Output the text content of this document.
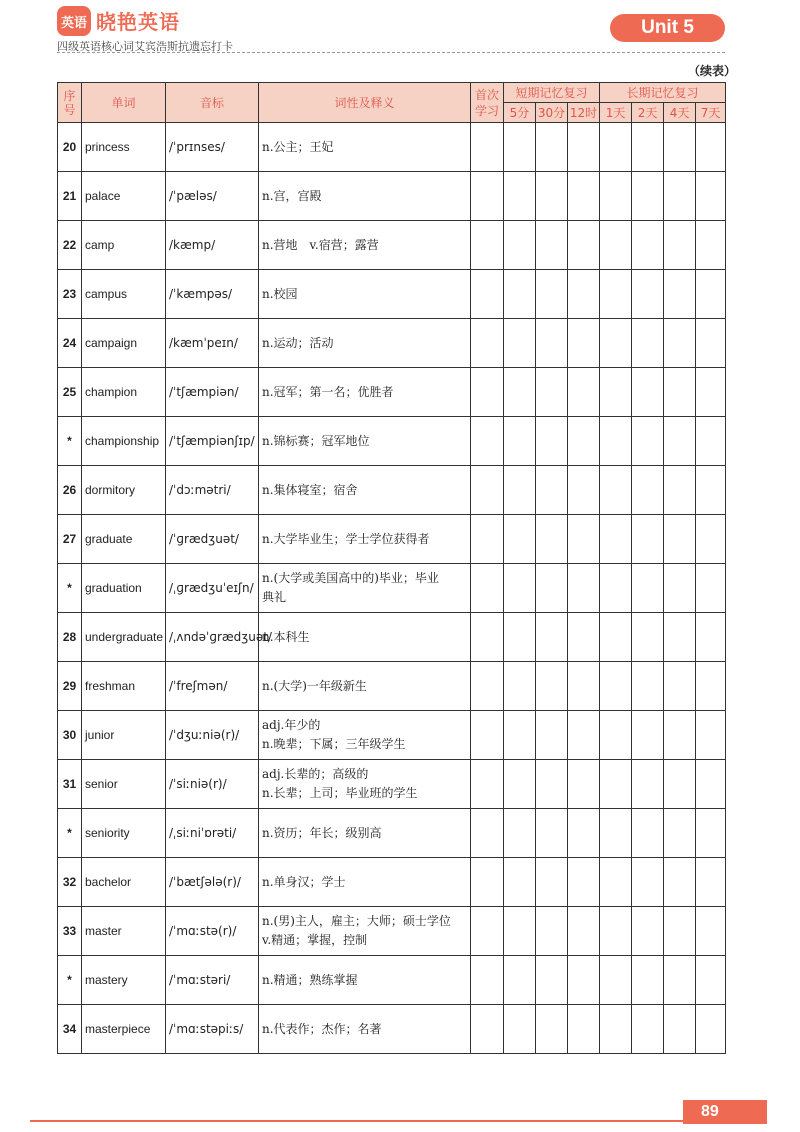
英语 晓艳英语
四级英语核心词艾宾浩斯抗遗忘打卡
Unit 5
（续表）
序号	单词	音标	词性及释义	首次学习	短期记忆复习			长期记忆复习			
					5分	30分	12时	1天	2天	4天	7天
20	princess	/ˈprɪnses/	n.公主；王妃								

21	palace	/ˈpæləs/	n.宫，宫殿								

22	camp	/kæmp/	n.营地　v.宿营；露营								

23	campus	/ˈkæmpəs/	n.校园								

24	campaign	/kæmˈpeɪn/	n.运动；活动								

25	champion	/ˈtʃæmpiən/	n.冠军；第一名；优胜者								

*	championship	/ˈtʃæmpiənʃɪp/	n.锦标赛；冠军地位								

26	dormitory	/ˈdɔːmətri/	n.集体寝室；宿舍								

27	graduate	/ˈɡrædʒuət/	n.大学毕业生；学士学位获得者								

*	graduation	/ˌɡrædʒuˈeɪʃn/	n.(大学或美国高中的)毕业；毕业
典礼								

28	undergraduate	/ˌʌndəˈɡrædʒuət/	n.本科生								

29	freshman	/ˈfreʃmən/	n.(大学)一年级新生								

30	junior	/ˈdʒuːniə(r)/	adj.年少的
n.晚辈；下属；三年级学生								

31	senior	/ˈsiːniə(r)/	adj.长辈的；高级的
n.长辈；上司；毕业班的学生								

*	seniority	/ˌsiːniˈɒrəti/	n.资历；年长；级别高								

32	bachelor	/ˈbætʃələ(r)/	n.单身汉；学士								

33	master	/ˈmɑːstə(r)/	n.(男)主人，雇主；大师；硕士学位
v.精通；掌握，控制								

*	mastery	/ˈmɑːstəri/	n.精通；熟练掌握								

34	masterpiece	/ˈmɑːstəpiːs/	n.代表作；杰作；名著								

89
